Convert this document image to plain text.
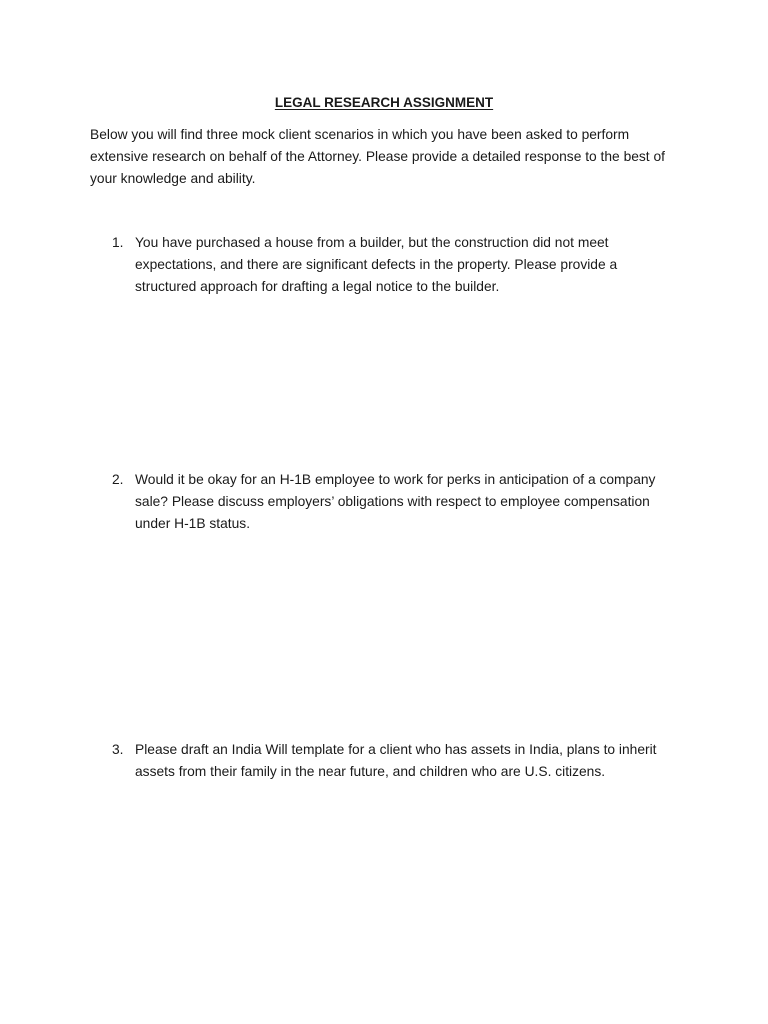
LEGAL RESEARCH ASSIGNMENT

Below you will find three mock client scenarios in which you have been asked to perform extensive research on behalf of the Attorney. Please provide a detailed response to the best of your knowledge and ability.

1. You have purchased a house from a builder, but the construction did not meet expectations, and there are significant defects in the property. Please provide a structured approach for drafting a legal notice to the builder.
2. Would it be okay for an H-1B employee to work for perks in anticipation of a company sale? Please discuss employers’ obligations with respect to employee compensation under H-1B status.
3. Please draft an India Will template for a client who has assets in India, plans to inherit assets from their family in the near future, and children who are U.S. citizens.
